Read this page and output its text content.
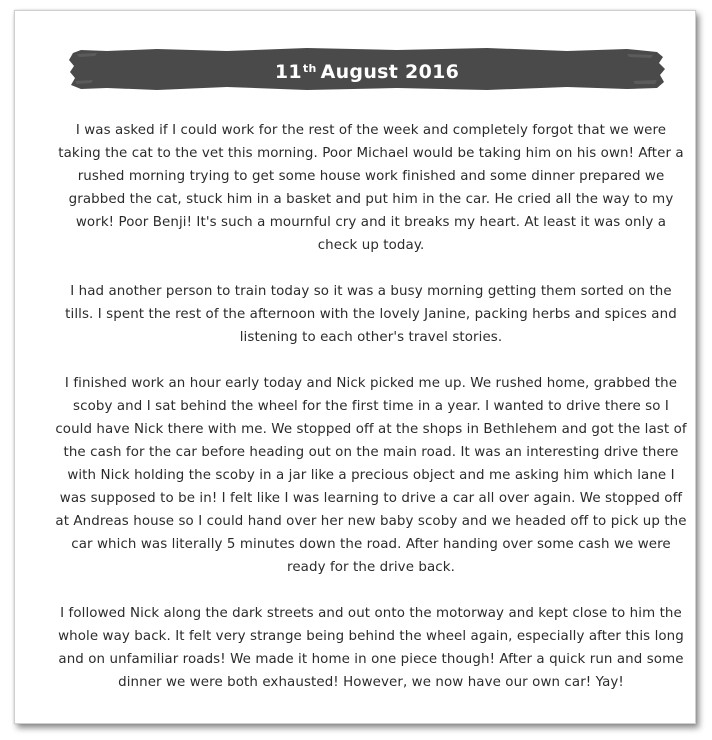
11th August 2016

I was asked if I could work for the rest of the week and completely forgot that we were taking the cat to the vet this morning. Poor Michael would be taking him on his own! After a rushed morning trying to get some house work finished and some dinner prepared we grabbed the cat, stuck him in a basket and put him in the car. He cried all the way to my work! Poor Benji! It's such a mournful cry and it breaks my heart. At least it was only a check up today.

I had another person to train today so it was a busy morning getting them sorted on the tills. I spent the rest of the afternoon with the lovely Janine, packing herbs and spices and listening to each other's travel stories.

I finished work an hour early today and Nick picked me up. We rushed home, grabbed the scoby and I sat behind the wheel for the first time in a year. I wanted to drive there so I could have Nick there with me. We stopped off at the shops in Bethlehem and got the last of the cash for the car before heading out on the main road. It was an interesting drive there with Nick holding the scoby in a jar like a precious object and me asking him which lane I was supposed to be in! I felt like I was learning to drive a car all over again. We stopped off at Andreas house so I could hand over her new baby scoby and we headed off to pick up the car which was literally 5 minutes down the road. After handing over some cash we were ready for the drive back.

I followed Nick along the dark streets and out onto the motorway and kept close to him the whole way back. It felt very strange being behind the wheel again, especially after this long and on unfamiliar roads! We made it home in one piece though! After a quick run and some dinner we were both exhausted! However, we now have our own car! Yay!
